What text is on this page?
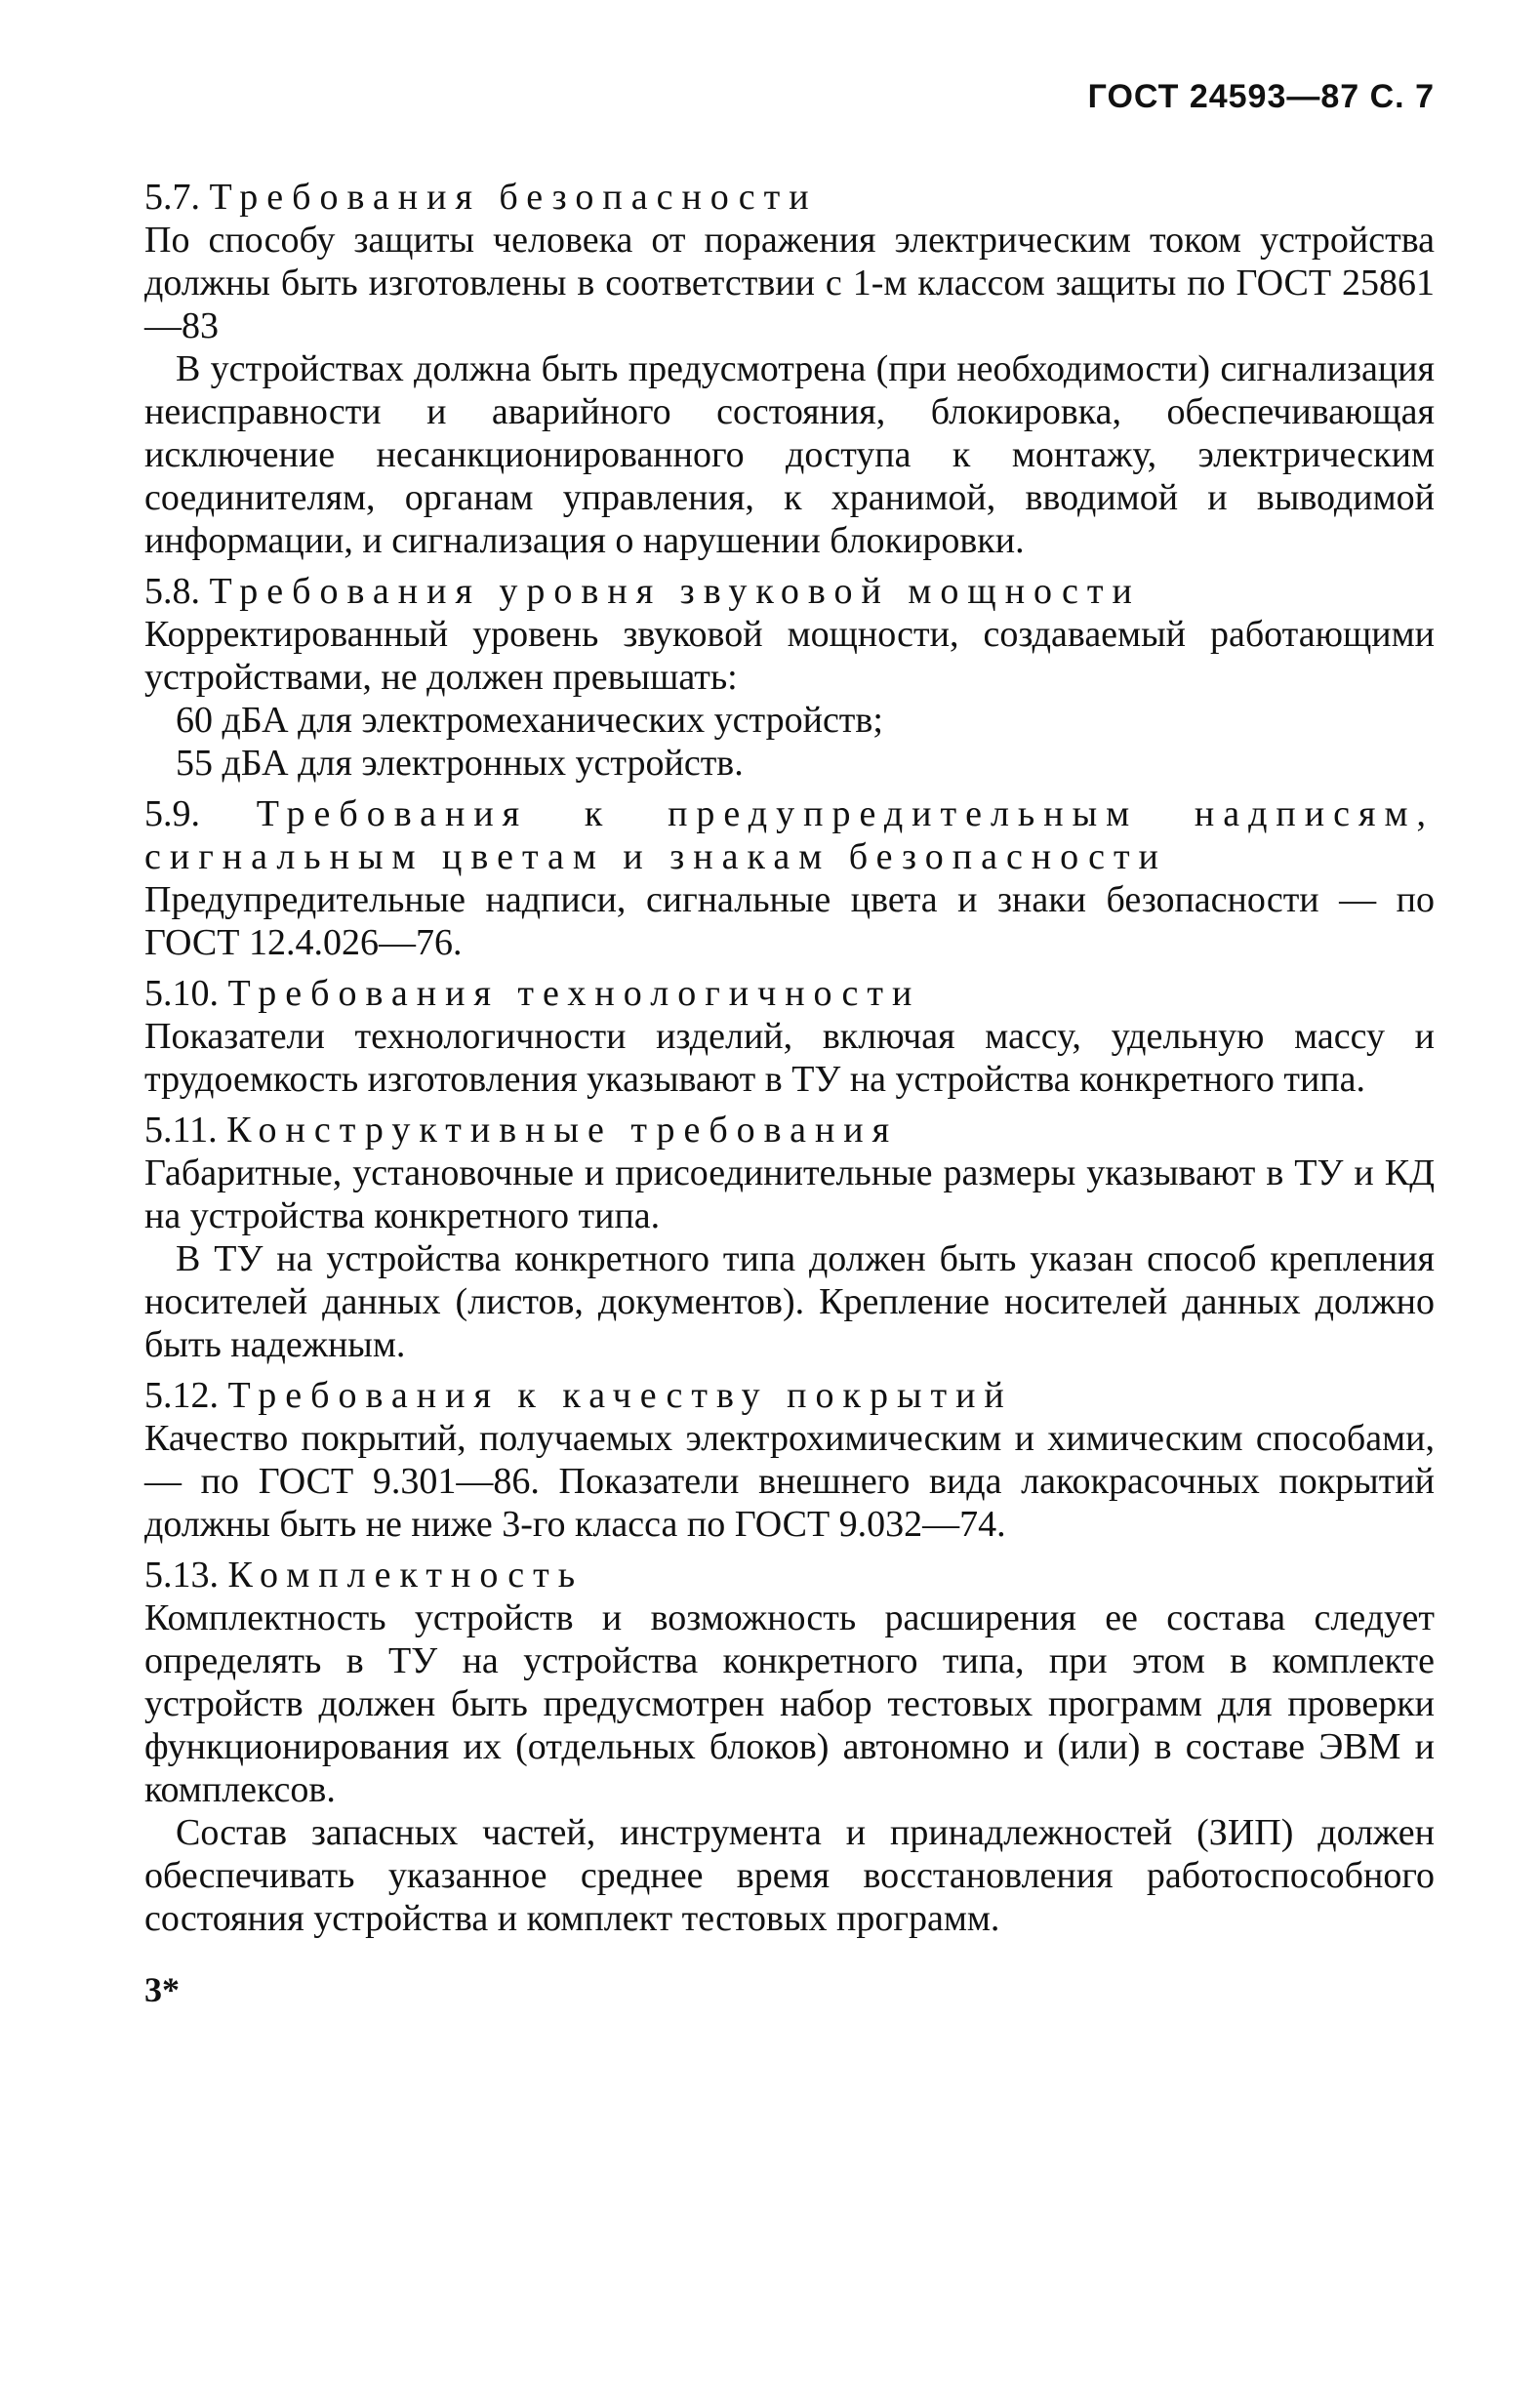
ГОСТ 24593—87 С. 7

5.7. Требования безопасности

По способу защиты человека от поражения электрическим током устройства должны быть изготовлены в соответствии с 1-м классом защиты по ГОСТ 25861—83

В устройствах должна быть предусмотрена (при необходимости) сигнализация неисправности и аварийного состояния, блокировка, обеспечивающая исключение несанкционированного доступа к монтажу, электрическим соединителям, органам управления, к хранимой, вводимой и выводимой информации, и сигнализация о нарушении блокировки.

5.8. Требования уровня звуковой мощности

Корректированный уровень звуковой мощности, создаваемый работающими устройствами, не должен превышать:

60 дБА для электромеханических устройств;

55 дБА для электронных устройств.

5.9. Требования к предупредительным надписям, сигнальным цветам и знакам безопасности

Предупредительные надписи, сигнальные цвета и знаки безопасности — по ГОСТ 12.4.026—76.

5.10. Требования технологичности

Показатели технологичности изделий, включая массу, удельную массу и трудоемкость изготовления указывают в ТУ на устройства конкретного типа.

5.11. Конструктивные требования

Габаритные, установочные и присоединительные размеры указывают в ТУ и КД на устройства конкретного типа.

В ТУ на устройства конкретного типа должен быть указан способ крепления носителей данных (листов, документов). Крепление носителей данных должно быть надежным.

5.12. Требования к качеству покрытий

Качество покрытий, получаемых электрохимическим и химическим способами,— по ГОСТ 9.301—86. Показатели внешнего вида лакокрасочных покрытий должны быть не ниже 3-го класса по ГОСТ 9.032—74.

5.13. Комплектность

Комплектность устройств и возможность расширения ее состава следует определять в ТУ на устройства конкретного типа, при этом в комплекте устройств должен быть предусмотрен набор тестовых программ для проверки функционирования их (отдельных блоков) автономно и (или) в составе ЭВМ и комплексов.

Состав запасных частей, инструмента и принадлежностей (ЗИП) должен обеспечивать указанное среднее время восстановления работоспособного состояния устройства и комплект тестовых программ.

3*
